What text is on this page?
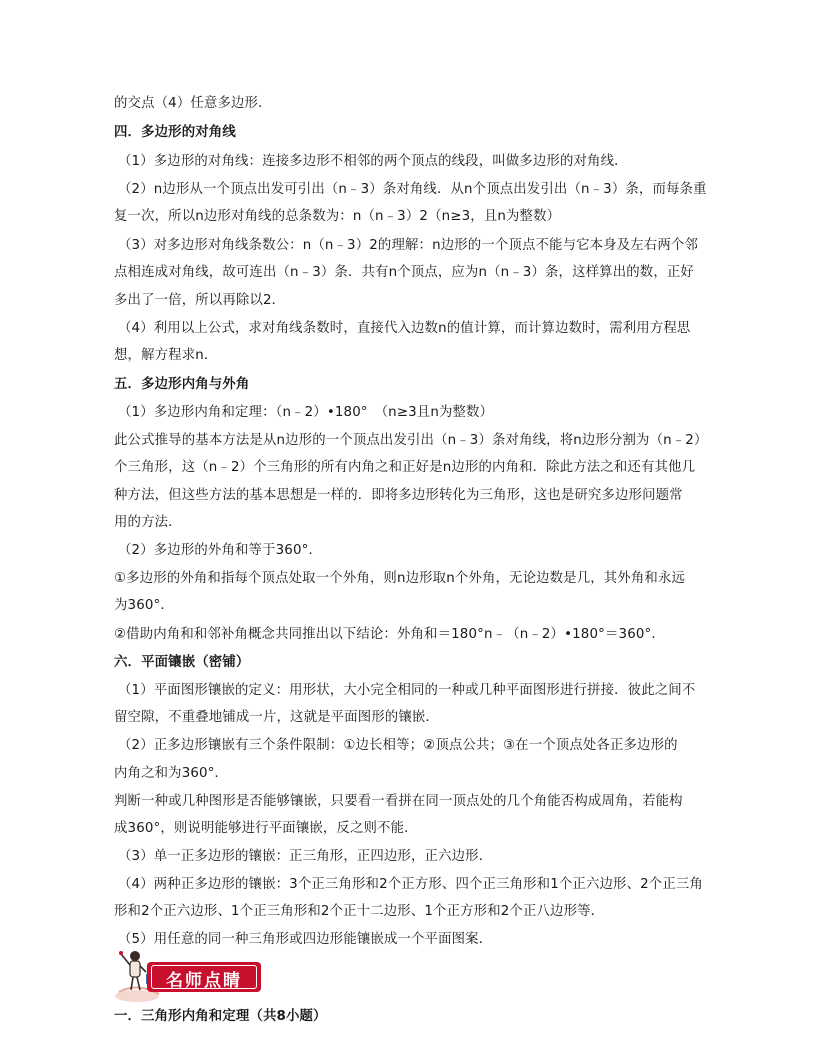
的交点（4）任意多边形．
四．多边形的对角线
（1）多边形的对角线：连接多边形不相邻的两个顶点的线段，叫做多边形的对角线．
（2）n边形从一个顶点出发可引出（n﹣3）条对角线．从n个顶点出发引出（n﹣3）条，而每条重
复一次，所以n边形对角线的总条数为：n（n﹣3）2（n≥3，且n为整数）
（3）对多边形对角线条数公：n（n﹣3）2的理解：n边形的一个顶点不能与它本身及左右两个邻
点相连成对角线，故可连出（n﹣3）条．共有n个顶点，应为n（n﹣3）条，这样算出的数，正好
多出了一倍，所以再除以2．
（4）利用以上公式，求对角线条数时，直接代入边数n的值计算，而计算边数时，需利用方程思
想，解方程求n．
五．多边形内角与外角
（1）多边形内角和定理：（n﹣2）•180°　（n≥3且n为整数）
此公式推导的基本方法是从n边形的一个顶点出发引出（n﹣3）条对角线，将n边形分割为（n﹣2）
个三角形，这（n﹣2）个三角形的所有内角之和正好是n边形的内角和．除此方法之和还有其他几
种方法，但这些方法的基本思想是一样的．即将多边形转化为三角形，这也是研究多边形问题常
用的方法．
（2）多边形的外角和等于360°．
①多边形的外角和指每个顶点处取一个外角，则n边形取n个外角，无论边数是几，其外角和永远
为360°．
②借助内角和和邻补角概念共同推出以下结论：外角和＝180°n﹣（n﹣2）•180°＝360°．
六．平面镶嵌（密铺）
（1）平面图形镶嵌的定义：用形状，大小完全相同的一种或几种平面图形进行拼接．彼此之间不
留空隙，不重叠地铺成一片，这就是平面图形的镶嵌．
（2）正多边形镶嵌有三个条件限制：①边长相等；②顶点公共；③在一个顶点处各正多边形的
内角之和为360°．
判断一种或几种图形是否能够镶嵌，只要看一看拼在同一顶点处的几个角能否构成周角，若能构
成360°，则说明能够进行平面镶嵌，反之则不能．
（3）单一正多边形的镶嵌：正三角形，正四边形，正六边形．
（4）两种正多边形的镶嵌：3个正三角形和2个正方形、四个正三角形和1个正六边形、2个正三角
形和2个正六边形、1个正三角形和2个正十二边形、1个正方形和2个正八边形等．
（5）用任意的同一种三角形或四边形能镶嵌成一个平面图案．
名师点睛
一．三角形内角和定理（共8小题）
